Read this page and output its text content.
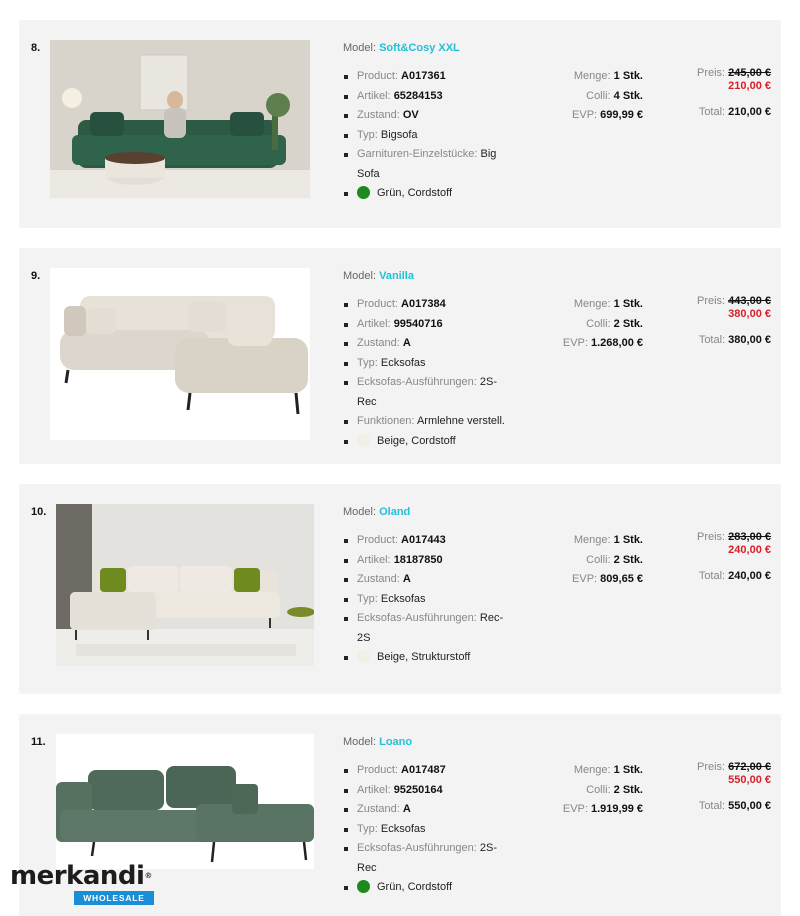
8.	Model: Soft&Cosy XXL
Product: A017361
Artikel: 65284153
Zustand: OV
Typ: Bigsofa
Garnituren-Einzelstücke: Big Sofa
Grün, Cordstoff
Menge: 1 Stk.
Colli: 4 Stk.
EVP: 699,99 €
Preis: 245,00 €
210,00 €
Total: 210,00 €
9.	Model: Vanilla
Product: A017384
Artikel: 99540716
Zustand: A
Typ: Ecksofas
Ecksofas-Ausführungen: 2S-Rec
Funktionen: Armlehne verstell.
Beige, Cordstoff
Menge: 1 Stk.
Colli: 2 Stk.
EVP: 1.268,00 €
Preis: 443,00 €
380,00 €
Total: 380,00 €
10.	Model: Oland
Product: A017443
Artikel: 18187850
Zustand: A
Typ: Ecksofas
Ecksofas-Ausführungen: Rec-2S
Beige, Strukturstoff
Menge: 1 Stk.
Colli: 2 Stk.
EVP: 809,65 €
Preis: 283,00 €
240,00 €
Total: 240,00 €
11.	Model: Loano
Product: A017487
Artikel: 95250164
Zustand: A
Typ: Ecksofas
Ecksofas-Ausführungen: 2S-Rec
Grün, Cordstoff
Menge: 1 Stk.
Colli: 2 Stk.
EVP: 1.919,99 €
Preis: 672,00 €
550,00 €
Total: 550,00 €
merkandi®
WHOLESALE
